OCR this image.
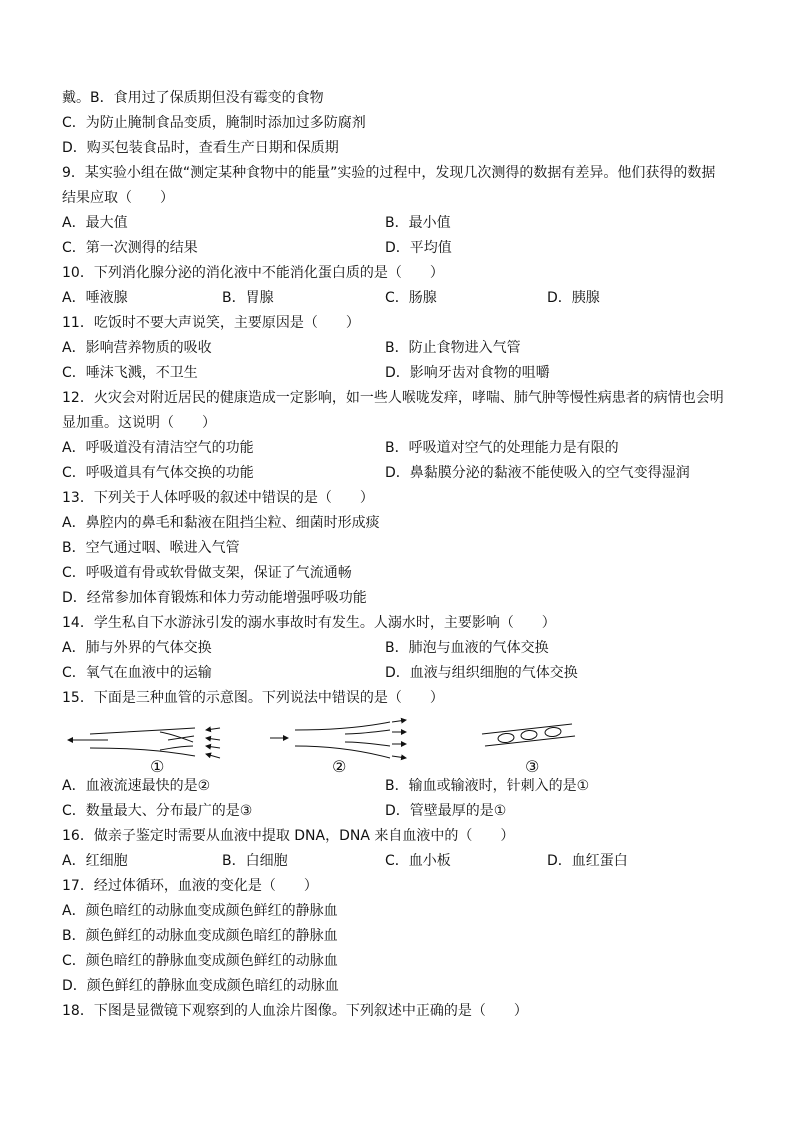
戴。B．食用过了保质期但没有霉变的食物
C．为防止腌制食品变质，腌制时添加过多防腐剂
D．购买包装食品时，查看生产日期和保质期
9．某实验小组在做“测定某种食物中的能量”实验的过程中，发现几次测得的数据有差异。他们获得的数据
结果应取（　　）
A．最大值	B．最小值
C．第一次测得的结果	D．平均值
10．下列消化腺分泌的消化液中不能消化蛋白质的是（　　）
A．唾液腺	B．胃腺	C．肠腺	D．胰腺
11．吃饭时不要大声说笑，主要原因是（　　）
A．影响营养物质的吸收	B．防止食物进入气管
C．唾沫飞溅，不卫生	D．影响牙齿对食物的咀嚼
12．火灾会对附近居民的健康造成一定影响，如一些人喉咙发痒，哮喘、肺气肿等慢性病患者的病情也会明
显加重。这说明（　　）
A．呼吸道没有清洁空气的功能	B．呼吸道对空气的处理能力是有限的
C．呼吸道具有气体交换的功能	D．鼻黏膜分泌的黏液不能使吸入的空气变得湿润
13．下列关于人体呼吸的叙述中错误的是（　　）
A．鼻腔内的鼻毛和黏液在阻挡尘粒、细菌时形成痰
B．空气通过咽、喉进入气管
C．呼吸道有骨或软骨做支架，保证了气流通畅
D．经常参加体育锻炼和体力劳动能增强呼吸功能
14．学生私自下水游泳引发的溺水事故时有发生。人溺水时，主要影响（　　）
A．肺与外界的气体交换	B．肺泡与血液的气体交换
C．氧气在血液中的运输	D．血液与组织细胞的气体交换
15．下面是三种血管的示意图。下列说法中错误的是（　　）
①	②	③
A．血液流速最快的是②	B．输血或输液时，针刺入的是①
C．数量最大、分布最广的是③	D．管壁最厚的是①
16．做亲子鉴定时需要从血液中提取 DNA，DNA 来自血液中的（　　）
A．红细胞	B．白细胞	C．血小板	D．血红蛋白
17．经过体循环，血液的变化是（　　）
A．颜色暗红的动脉血变成颜色鲜红的静脉血
B．颜色鲜红的动脉血变成颜色暗红的静脉血
C．颜色暗红的静脉血变成颜色鲜红的动脉血
D．颜色鲜红的静脉血变成颜色暗红的动脉血
18．下图是显微镜下观察到的人血涂片图像。下列叙述中正确的是（　　）
